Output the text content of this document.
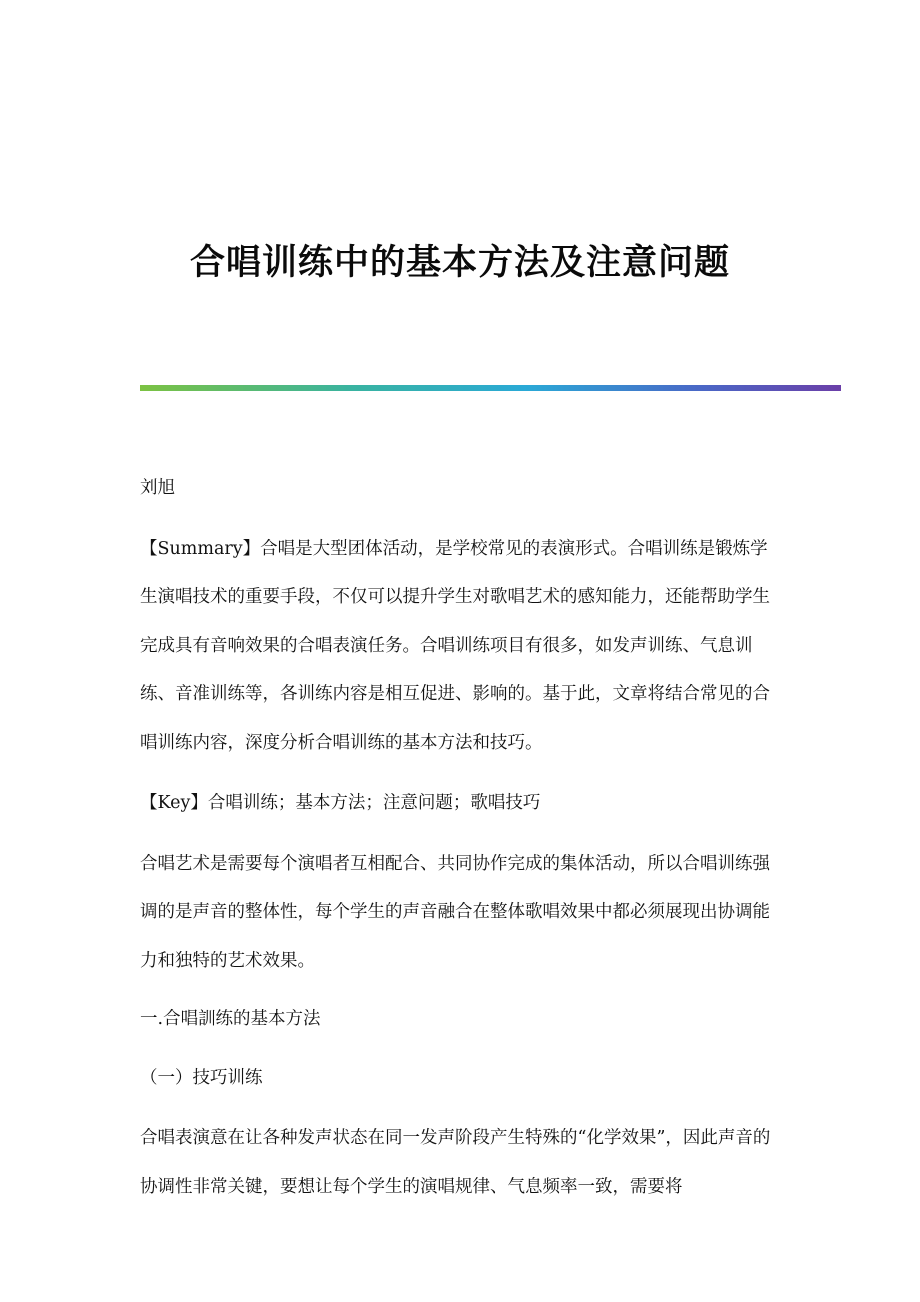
合唱训练中的基本方法及注意问题

刘旭

【Summary】合唱是大型团体活动，是学校常见的表演形式。合唱训练是锻炼学生演唱技术的重要手段，不仅可以提升学生对歌唱艺术的感知能力，还能帮助学生完成具有音响效果的合唱表演任务。合唱训练项目有很多，如发声训练、气息训练、音准训练等，各训练内容是相互促进、影响的。基于此，文章将结合常见的合唱训练内容，深度分析合唱训练的基本方法和技巧。

【Key】合唱训练；基本方法；注意问题；歌唱技巧

合唱艺术是需要每个演唱者互相配合、共同协作完成的集体活动，所以合唱训练强调的是声音的整体性，每个学生的声音融合在整体歌唱效果中都必须展现出协调能力和独特的艺术效果。

一.合唱訓练的基本方法

（一）技巧训练

合唱表演意在让各种发声状态在同一发声阶段产生特殊的“化学效果”，因此声音的协调性非常关键，要想让每个学生的演唱规律、气息频率一致，需要将
